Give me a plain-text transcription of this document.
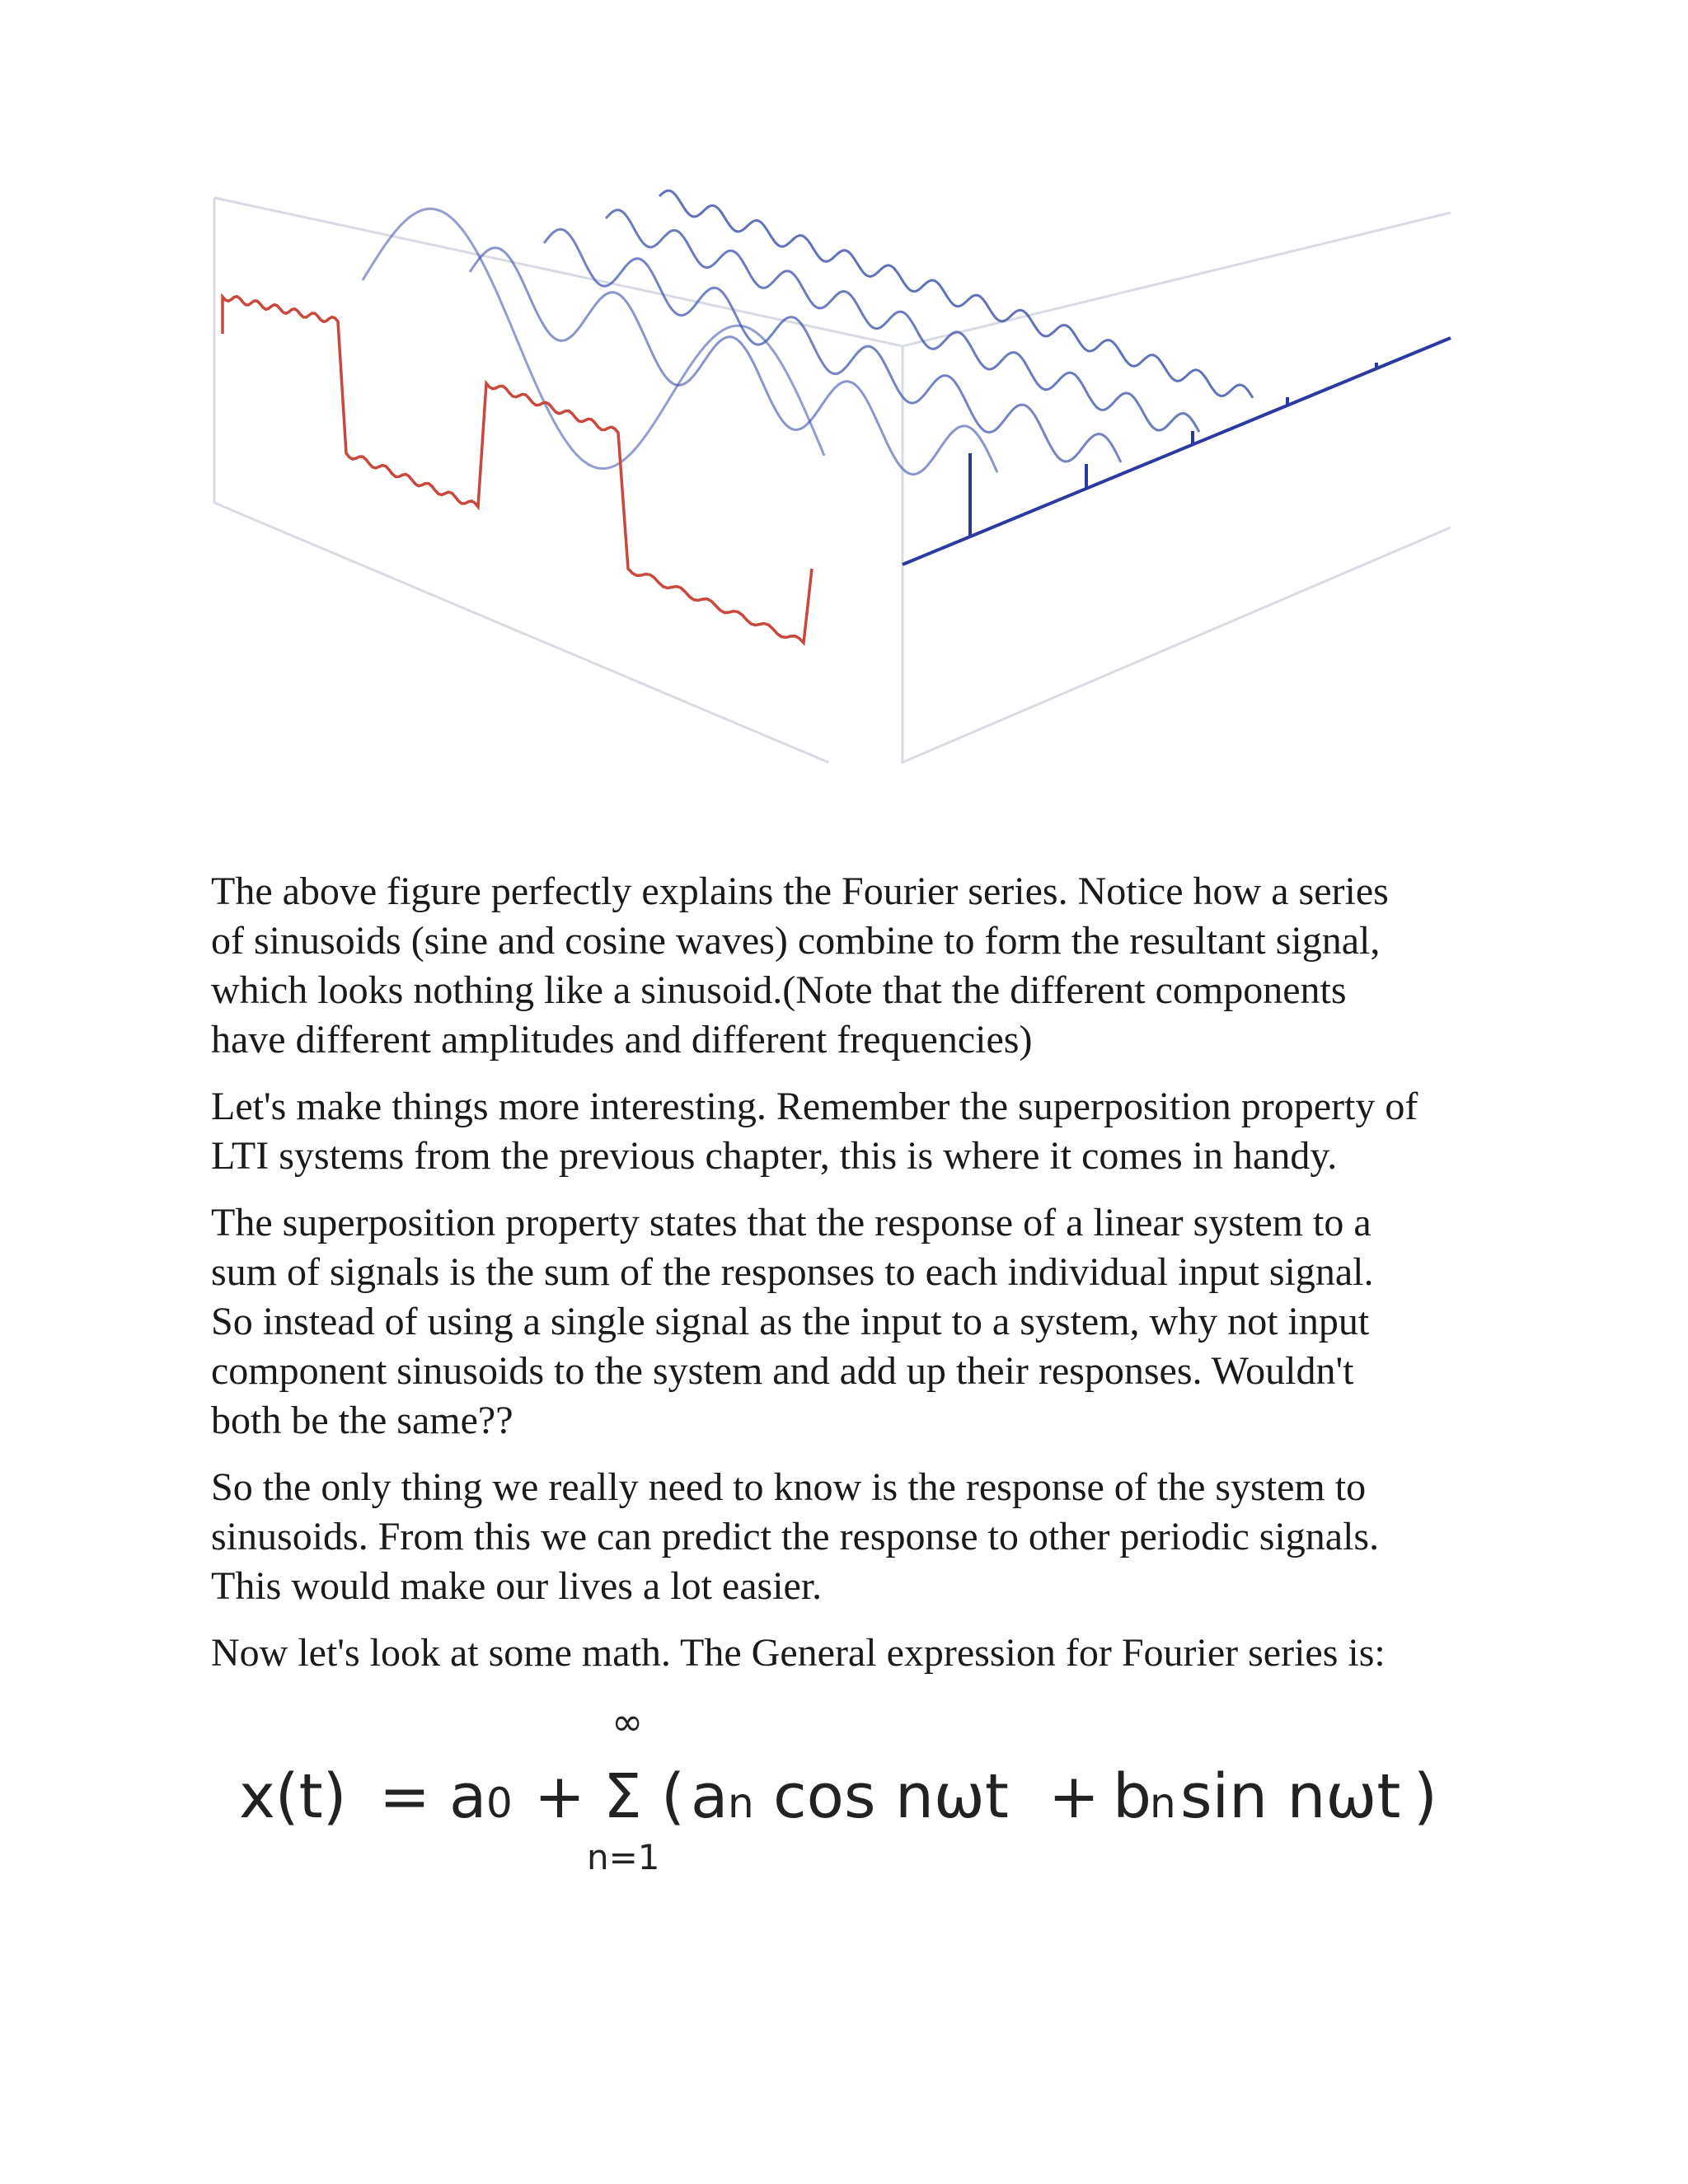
The above figure perfectly explains the Fourier series. Notice how a series
of sinusoids (sine and cosine waves) combine to form the resultant signal,
which looks nothing like a sinusoid.(Note that the different components
have different amplitudes and different frequencies)

Let's make things more interesting. Remember the superposition property of
LTI systems from the previous chapter, this is where it comes in handy.

The superposition property states that the response of a linear system to a
sum of signals is the sum of the responses to each individual input signal.
So instead of using a single signal as the input to a system, why not input
component sinusoids to the system and add up their responses. Wouldn't
both be the same??

So the only thing we really need to know is the response of the system to
sinusoids. From this we can predict the response to other periodic signals.
This would make our lives a lot easier.

Now let's look at some math. The General expression for Fourier series is:

x(t) = a 0 +
∞
Σ
n=1
( a n cos nωt + b
n sin nωt )
